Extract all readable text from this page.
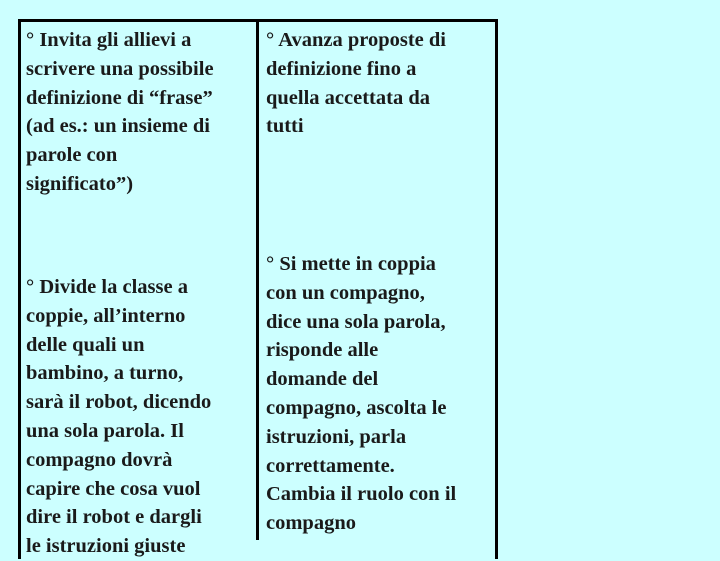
° Invita gli allievi a
scrivere una possibile
definizione di “frase”
(ad es.: un insieme di
parole con
significato”)

° Avanza proposte di
definizione fino a
quella accettata da
tutti

° Divide la classe a
coppie, all’interno
delle quali un
bambino, a turno,
sarà il robot, dicendo
una sola parola. Il
compagno dovrà
capire che cosa vuol
dire il robot e dargli
le istruzioni giuste

° Si mette in coppia
con un compagno,
dice una sola parola,
risponde alle
domande del
compagno, ascolta le
istruzioni, parla
correttamente.
Cambia il ruolo con il
compagno
